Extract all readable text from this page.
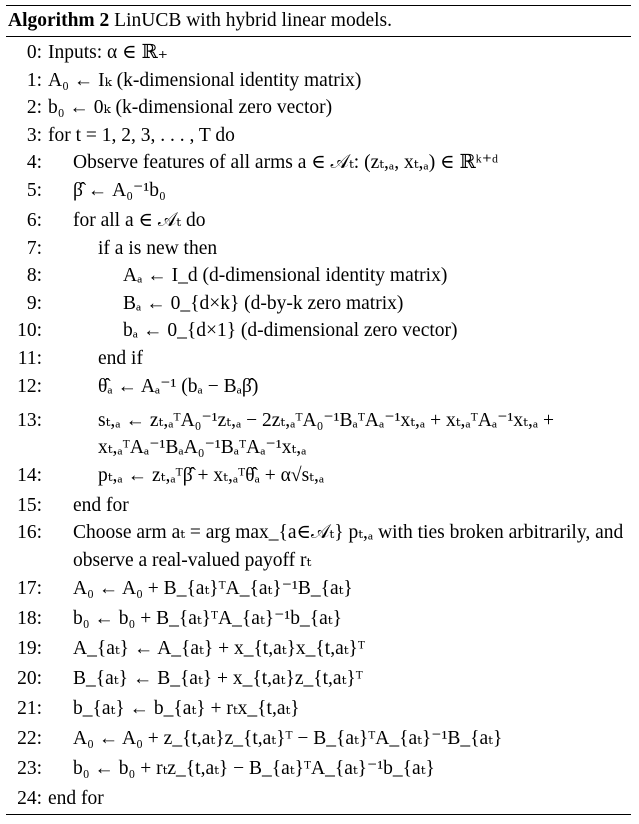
Algorithm 2 LinUCB with hybrid linear models.
0: Inputs: α ∈ ℝ₊
1: A₀ ← Iₖ (k-dimensional identity matrix)
2: b₀ ← 0ₖ (k-dimensional zero vector)
3: for t = 1, 2, 3, . . . , T do
4:	Observe features of all arms a ∈ 𝒜ₜ: (zₜ,ₐ, xₜ,ₐ) ∈ ℝᵏ⁺ᵈ
5:	β̂ ← A₀⁻¹b₀
6:	for all a ∈ 𝒜ₜ do
7:	if a is new then
8:	Aₐ ← I_d (d-dimensional identity matrix)
9:	Bₐ ← 0_{d×k} (d-by-k zero matrix)
10:	bₐ ← 0_{d×1} (d-dimensional zero vector)
11:	end if
12:	θ̂ₐ ← Aₐ⁻¹ (bₐ − Bₐβ̂)
13:	sₜ,ₐ ← zₜ,ₐᵀA₀⁻¹zₜ,ₐ − 2zₜ,ₐᵀA₀⁻¹BₐᵀAₐ⁻¹xₜ,ₐ + xₜ,ₐᵀAₐ⁻¹xₜ,ₐ + xₜ,ₐᵀAₐ⁻¹BₐA₀⁻¹BₐᵀAₐ⁻¹xₜ,ₐ
14:	pₜ,ₐ ← zₜ,ₐᵀβ̂ + xₜ,ₐᵀθ̂ₐ + α√sₜ,ₐ
15:	end for
16:	Choose arm aₜ = arg max_{a∈𝒜ₜ} pₜ,ₐ with ties broken arbitrarily, and observe a real-valued payoff rₜ
17:	A₀ ← A₀ + B_{aₜ}ᵀA_{aₜ}⁻¹B_{aₜ}
18:	b₀ ← b₀ + B_{aₜ}ᵀA_{aₜ}⁻¹b_{aₜ}
19:	A_{aₜ} ← A_{aₜ} + x_{t,aₜ}x_{t,aₜ}ᵀ
20:	B_{aₜ} ← B_{aₜ} + x_{t,aₜ}z_{t,aₜ}ᵀ
21:	b_{aₜ} ← b_{aₜ} + rₜx_{t,aₜ}
22:	A₀ ← A₀ + z_{t,aₜ}z_{t,aₜ}ᵀ − B_{aₜ}ᵀA_{aₜ}⁻¹B_{aₜ}
23:	b₀ ← b₀ + rₜz_{t,aₜ} − B_{aₜ}ᵀA_{aₜ}⁻¹b_{aₜ}
24: end for
